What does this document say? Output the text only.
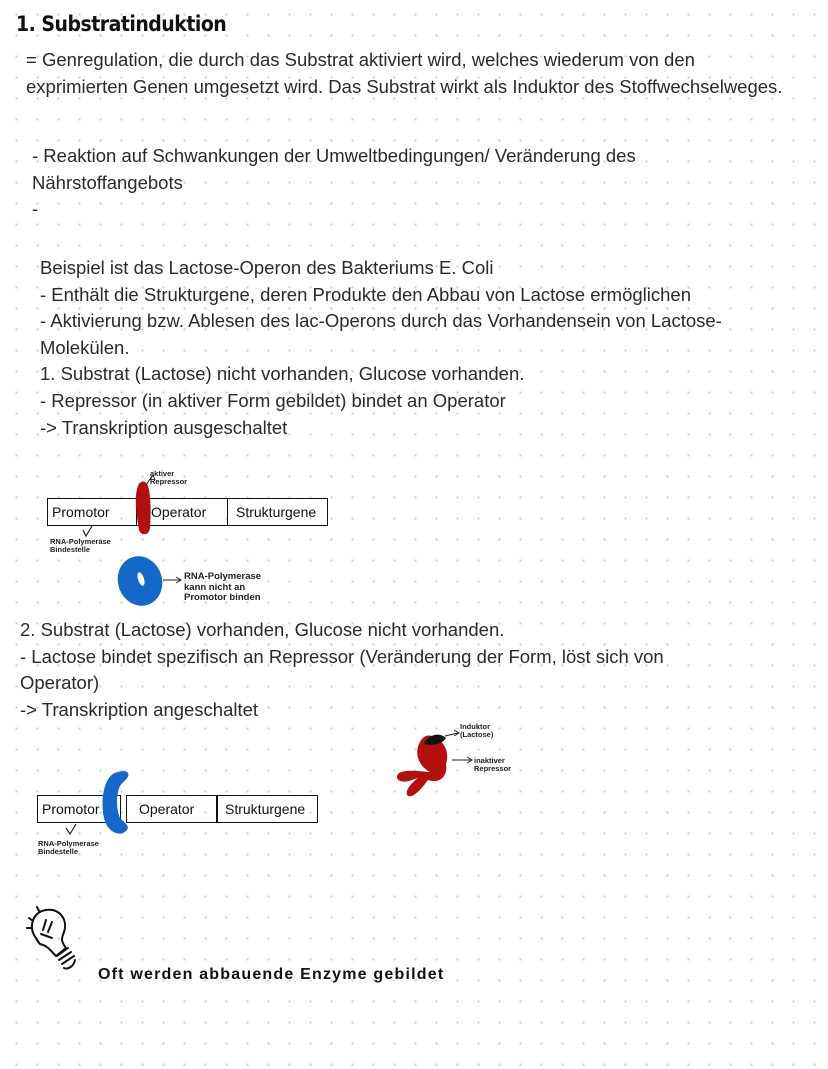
1. Substratinduktion

= Genregulation, die durch das Substrat aktiviert wird, welches wiederum von den exprimierten Genen umgesetzt wird. Das Substrat wirkt als Induktor des Stoffwechselweges.

- Reaktion auf Schwankungen der Umweltbedingungen/ Veränderung des Nährstoffangebots

-

Beispiel ist das Lactose-Operon des Bakteriums E. Coli

- Enthält die Strukturgene, deren Produkte den Abbau von Lactose ermöglichen

- Aktivierung bzw. Ablesen des lac-Operons durch das Vorhandensein von Lactose-Molekülen.

1. Substrat (Lactose) nicht vorhanden, Glucose vorhanden.

- Repressor (in aktiver Form gebildet) bindet an Operator

-> Transkription ausgeschaltet

Promotor	Operator	Strukturgene
aktiver Repressor
RNA-Polymerase Bindestelle
RNA-Polymerase kann nicht an Promotor binden

2. Substrat (Lactose) vorhanden, Glucose nicht vorhanden.

- Lactose bindet spezifisch an Repressor (Veränderung der Form, löst sich von Operator)

-> Transkription angeschaltet

Promotor	Operator	Strukturgene
RNA-Polymerase Bindestelle
Induktor (Lactose)
inaktiver Repressor
Oft werden abbauende Enzyme gebildet
